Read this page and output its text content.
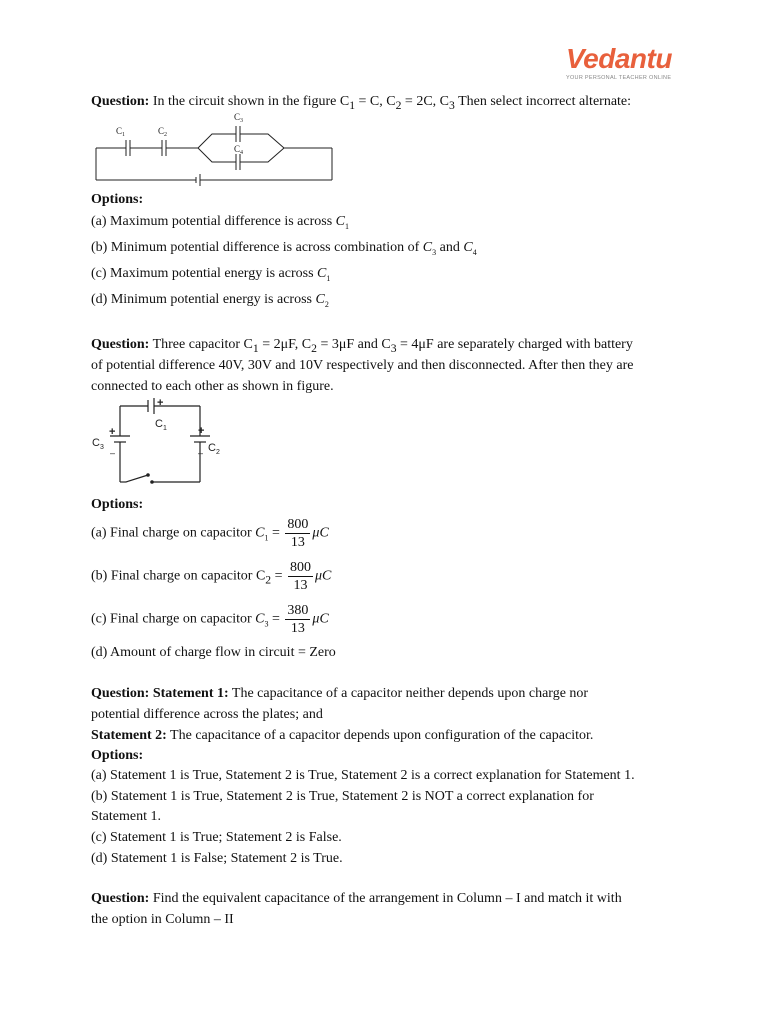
Vedantu
YOUR PERSONAL TEACHER ONLINE
Question: In the circuit shown in the figure $C_1 = C$, $C_2 = 2C$, $C_3$ Then select incorrect alternate:
$C_1$	$C_2$
$C_3$
$C_4$
Options:
(a) Maximum potential difference is across $C_1$
(b) Minimum potential difference is across combination of $C_3$ and $C_4$
(c) Maximum potential energy is across $C_1$
(d) Minimum potential energy is across $C_2$
Question: Three capacitor $C_1 = 2\mu F$, $C_2 = 3\mu F$ and $C_3 = 4\mu F$ are separately charged with battery
of potential difference 40V, 30V and 10V respectively and then disconnected. After then they are
connected to each other as shown in figure.
$C_1$
$C_3$	$C_2$
+
+	+
–	–
Options:
(a) Final charge on capacitor $C_1 = \frac{800}{13}$ μC
(b) Final charge on capacitor $C_2 = \frac{800}{13}$ μC
(c) Final charge on capacitor $C_3 = \frac{380}{13}$ μC
(d) Amount of charge flow in circuit = Zero
Question: Statement 1: The capacitance of a capacitor neither depends upon charge nor
potential difference across the plates; and
Statement 2: The capacitance of a capacitor depends upon configuration of the capacitor.
Options:
(a) Statement 1 is True, Statement 2 is True, Statement 2 is a correct explanation for Statement 1.
(b) Statement 1 is True, Statement 2 is True, Statement 2 is NOT a correct explanation for
Statement 1.
(c) Statement 1 is True; Statement 2 is False.
(d) Statement 1 is False; Statement 2 is True.
Question: Find the equivalent capacitance of the arrangement in Column – I and match it with
the option in Column – II
